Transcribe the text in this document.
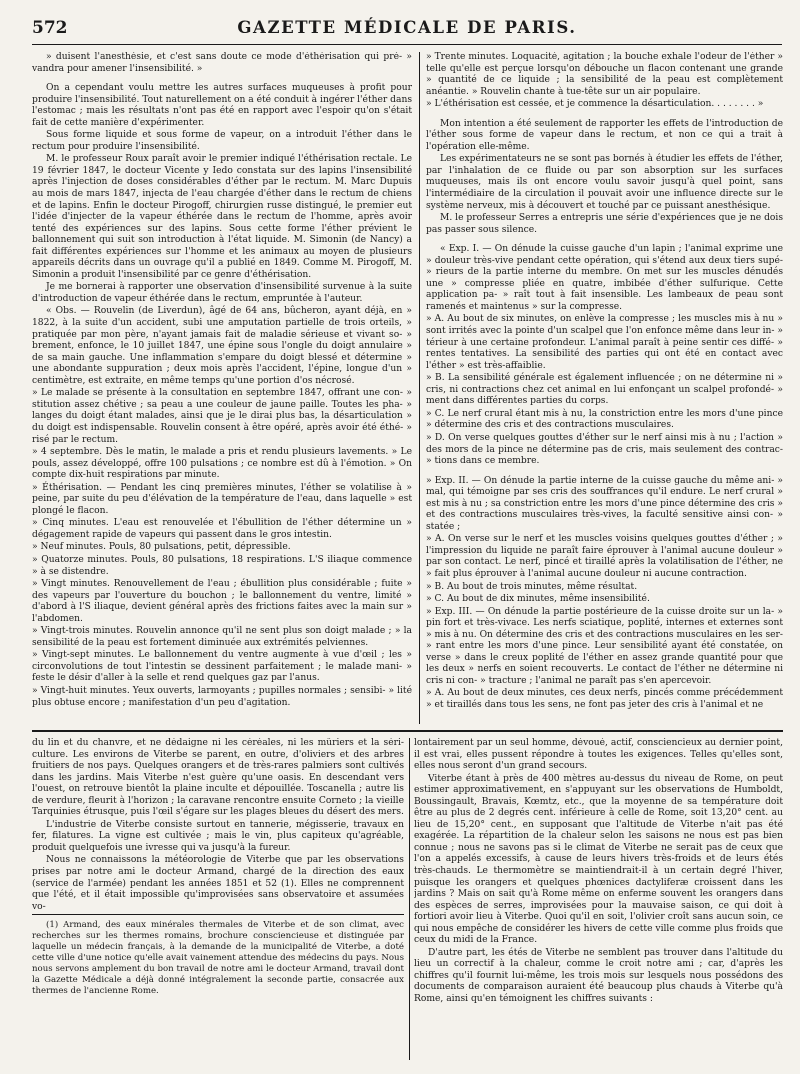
572	GAZETTE MÉDICALE DE PARIS.

» duisent l'anesthésie, et c'est sans doute ce mode d'éthérisation qui pré- » vandra pour amener l'insensibilité. »

On a cependant voulu mettre les autres surfaces muqueuses à profit pour produire l'insensibilité. Tout naturellement on a été conduit à ingérer l'éther dans l'estomac ; mais les résultats n'ont pas été en rapport avec l'espoir qu'on s'était fait de cette manière d'expérimenter.

Sous forme liquide et sous forme de vapeur, on a introduit l'éther dans le rectum pour produire l'insensibilité.

M. le professeur Roux paraît avoir le premier indiqué l'éthérisation rectale. Le 19 février 1847, le docteur Vicente y Iedo constata sur des lapins l'insensibilité après l'injection de doses considérables d'éther par le rectum. M. Marc Dupuis au mois de mars 1847, injecta de l'eau chargée d'éther dans le rectum de chiens et de lapins. Enfin le docteur Pirogoff, chirurgien russe distingué, le premier eut l'idée d'injecter de la vapeur éthérée dans le rectum de l'homme, après avoir tenté des expériences sur des lapins. Sous cette forme l'éther prévient le ballonnement qui suit son introduction à l'état liquide. M. Simonin (de Nancy) a fait différentes expériences sur l'homme et les animaux au moyen de plusieurs appareils décrits dans un ouvrage qu'il a publié en 1849. Comme M. Pirogoff, M. Simonin a produit l'insensibilité par ce genre d'éthérisation.

Je me bornerai à rapporter une observation d'insensibilité survenue à la suite d'introduction de vapeur éthérée dans le rectum, empruntée à l'auteur.

« Obs. — Rouvelin (de Liverdun), âgé de 64 ans, bûcheron, ayant déjà, en » 1822, à la suite d'un accident, subi une amputation partielle de trois orteils, » pratiquée par mon père, n'ayant jamais fait de maladie sérieuse et vivant so- » brement, enfonce, le 10 juillet 1847, une épine sous l'ongle du doigt annulaire » de sa main gauche. Une inflammation s'empare du doigt blessé et détermine » une abondante suppuration ; deux mois après l'accident, l'épine, longue d'un » centimètre, est extraite, en même temps qu'une portion d'os nécrosé.

» Le malade se présente à la consultation en septembre 1847, offrant une con- » stitution assez chétive ; sa peau a une couleur de jaune paille. Toutes les pha- » langes du doigt étant malades, ainsi que je le dirai plus bas, la désarticulation » du doigt est indispensable. Rouvelin consent à être opéré, après avoir été éthé- » risé par le rectum.

» 4 septembre. Dès le matin, le malade a pris et rendu plusieurs lavements. » Le pouls, assez développé, offre 100 pulsations ; ce nombre est dû à l'émotion. » On compte dix-huit respirations par minute.

» Éthérisation. — Pendant les cinq premières minutes, l'éther se volatilise à » peine, par suite du peu d'élévation de la température de l'eau, dans laquelle » est plongé le flacon.

» Cinq minutes. L'eau est renouvelée et l'ébullition de l'éther détermine un » dégagement rapide de vapeurs qui passent dans le gros intestin.

» Neuf minutes. Pouls, 80 pulsations, petit, dépressible.

» Quatorze minutes. Pouls, 80 pulsations, 18 respirations. L'S iliaque commence » à se distendre.

» Vingt minutes. Renouvellement de l'eau ; ébullition plus considérable ; fuite » des vapeurs par l'ouverture du bouchon ; le ballonnement du ventre, limité » d'abord à l'S iliaque, devient général après des frictions faites avec la main sur » l'abdomen.

» Vingt-trois minutes. Rouvelin annonce qu'il ne sent plus son doigt malade ; » la sensibilité de la peau est fortement diminuée aux extrémités pelviennes.

» Vingt-sept minutes. Le ballonnement du ventre augmente à vue d'œil ; les » circonvolutions de tout l'intestin se dessinent parfaitement ; le malade mani- » feste le désir d'aller à la selle et rend quelques gaz par l'anus.

» Vingt-huit minutes. Yeux ouverts, larmoyants ; pupilles normales ; sensibi- » lité plus obtuse encore ; manifestation d'un peu d'agitation.

» Trente minutes. Loquacité, agitation ; la bouche exhale l'odeur de l'éther » telle qu'elle est perçue lorsqu'on débouche un flacon contenant une grande » quantité de ce liquide ; la sensibilité de la peau est complètement anéantie. » Rouvelin chante à tue-tête sur un air populaire.

» L'éthérisation est cessée, et je commence la désarticulation. . . . . . . . »

Mon intention a été seulement de rapporter les effets de l'introduction de l'éther sous forme de vapeur dans le rectum, et non ce qui a trait à l'opération elle-même.

Les expérimentateurs ne se sont pas bornés à étudier les effets de l'éther, par l'inhalation de ce fluide ou par son absorption sur les surfaces muqueuses, mais ils ont encore voulu savoir jusqu'à quel point, sans l'intermédiaire de la circulation il pouvait avoir une influence directe sur le système nerveux, mis à découvert et touché par ce puissant anesthésique.

M. le professeur Serres a entrepris une série d'expériences que je ne dois pas passer sous silence.

« Exp. I. — On dénude la cuisse gauche d'un lapin ; l'animal exprime une » douleur très-vive pendant cette opération, qui s'étend aux deux tiers supé- » rieurs de la partie interne du membre. On met sur les muscles dénudés une » compresse pliée en quatre, imbibée d'éther sulfurique. Cette application pa- » raît tout à fait insensible. Les lambeaux de peau sont ramenés et maintenus » sur la compresse.

» A. Au bout de six minutes, on enlève la compresse ; les muscles mis à nu » sont irrités avec la pointe d'un scalpel que l'on enfonce même dans leur in- » térieur à une certaine profondeur. L'animal paraît à peine sentir ces diffé- » rentes tentatives. La sensibilité des parties qui ont été en contact avec l'éther » est très-affaiblie.

» B. La sensibilité générale est également influencée ; on ne détermine ni » cris, ni contractions chez cet animal en lui enfonçant un scalpel profondé- » ment dans différentes parties du corps.

» C. Le nerf crural étant mis à nu, la constriction entre les mors d'une pince » détermine des cris et des contractions musculaires.

» D. On verse quelques gouttes d'éther sur le nerf ainsi mis à nu ; l'action » des mors de la pince ne détermine pas de cris, mais seulement des contrac- » tions dans ce membre.

» Exp. II. — On dénude la partie interne de la cuisse gauche du même ani- » mal, qui témoigne par ses cris des souffrances qu'il endure. Le nerf crural » est mis à nu ; sa constriction entre les mors d'une pince détermine des cris » et des contractions musculaires très-vives, la faculté sensitive ainsi con- » statée ;

» A. On verse sur le nerf et les muscles voisins quelques gouttes d'éther ; » l'impression du liquide ne paraît faire éprouver à l'animal aucune douleur » par son contact. Le nerf, pincé et tiraillé après la volatilisation de l'éther, ne » fait plus éprouver à l'animal aucune douleur ni aucune contraction.

» B. Au bout de trois minutes, même résultat.

» C. Au bout de dix minutes, même insensibilité.

» Exp. III. — On dénude la partie postérieure de la cuisse droite sur un la- » pin fort et très-vivace. Les nerfs sciatique, poplité, internes et externes sont » mis à nu. On détermine des cris et des contractions musculaires en les ser- » rant entre les mors d'une pince. Leur sensibilité ayant été constatée, on verse » dans le creux poplité de l'éther en assez grande quantité pour que les deux » nerfs en soient recouverts. Le contact de l'éther ne détermine ni cris ni con- » tracture ; l'animal ne paraît pas s'en apercevoir.

» A. Au bout de deux minutes, ces deux nerfs, pincés comme précédemment » et tiraillés dans tous les sens, ne font pas jeter des cris à l'animal et ne

du lin et du chanvre, et ne dédaigne ni les céréales, ni les mûriers et la séri- culture. Les environs de Viterbe se parent, en outre, d'oliviers et des arbres fruitiers de nos pays. Quelques orangers et de très-rares palmiers sont cultivés dans les jardins. Mais Viterbe n'est guère qu'une oasis. En descendant vers l'ouest, on retrouve bientôt la plaine inculte et dépouillée. Toscanella ; autre lis de verdure, fleurit à l'horizon ; la caravane rencontre ensuite Corneto ; la vieille Tarquinies étrusque, puis l'œil s'égare sur les plages bleues du désert des mers.

L'industrie de Viterbe consiste surtout en tannerie, mégisserie, travaux en fer, filatures. La vigne est cultivée ; mais le vin, plus capiteux qu'agréable, produit quelquefois une ivresse qui va jusqu'à la fureur.

Nous ne connaissons la météorologie de Viterbe que par les observations prises par notre ami le docteur Armand, chargé de la direction des eaux (service de l'armée) pendant les années 1851 et 52 (1). Elles ne comprennent que l'été, et il était impossible qu'improvisées sans observatoire et assumées vo-

(1) Armand, des eaux minérales thermales de Viterbe et de son climat, avec recherches sur les thermes romains, brochure consciencieuse et distinguée par laquelle un médecin français, à la demande de la municipalité de Viterbe, a doté cette ville d'une notice qu'elle avait vainement attendue des médecins du pays. Nous nous servons amplement du bon travail de notre ami le docteur Armand, travail dont la Gazette Médicale a déjà donné intégralement la seconde partie, consacrée aux thermes de l'ancienne Rome.

lontairement par un seul homme, dévoué, actif, consciencieux au dernier point, il est vrai, elles pussent répondre à toutes les exigences. Telles qu'elles sont, elles nous seront d'un grand secours.

Viterbe étant à près de 400 mètres au-dessus du niveau de Rome, on peut estimer approximativement, en s'appuyant sur les observations de Humboldt, Boussingault, Bravais, Kœmtz, etc., que la moyenne de sa température doit être au plus de 2 degrés cent. inférieure à celle de Rome, soit 13,20° cent. au lieu de 15,20° cent., en supposant que l'altitude de Viterbe n'ait pas été exagérée. La répartition de la chaleur selon les saisons ne nous est pas bien connue ; nous ne savons pas si le climat de Viterbe ne serait pas de ceux que l'on a appelés excessifs, à cause de leurs hivers très-froids et de leurs étés très-chauds. Le thermomètre se maintiendrait-il à un certain degré l'hiver, puisque les orangers et quelques phœnices dactyliferæ croissent dans les jardins ? Mais on sait qu'à Rome même on enferme souvent les orangers dans des espèces de serres, improvisées pour la mauvaise saison, ce qui doit à fortiori avoir lieu à Viterbe. Quoi qu'il en soit, l'olivier croît sans aucun soin, ce qui nous empêche de considérer les hivers de cette ville comme plus froids que ceux du midi de la France.

D'autre part, les étés de Viterbe ne semblent pas trouver dans l'altitude du lieu un correctif à la chaleur, comme le croit notre ami ; car, d'après les chiffres qu'il fournit lui-même, les trois mois sur lesquels nous possédons des documents de comparaison auraient été beaucoup plus chauds à Viterbe qu'à Rome, ainsi qu'en témoignent les chiffres suivants :
